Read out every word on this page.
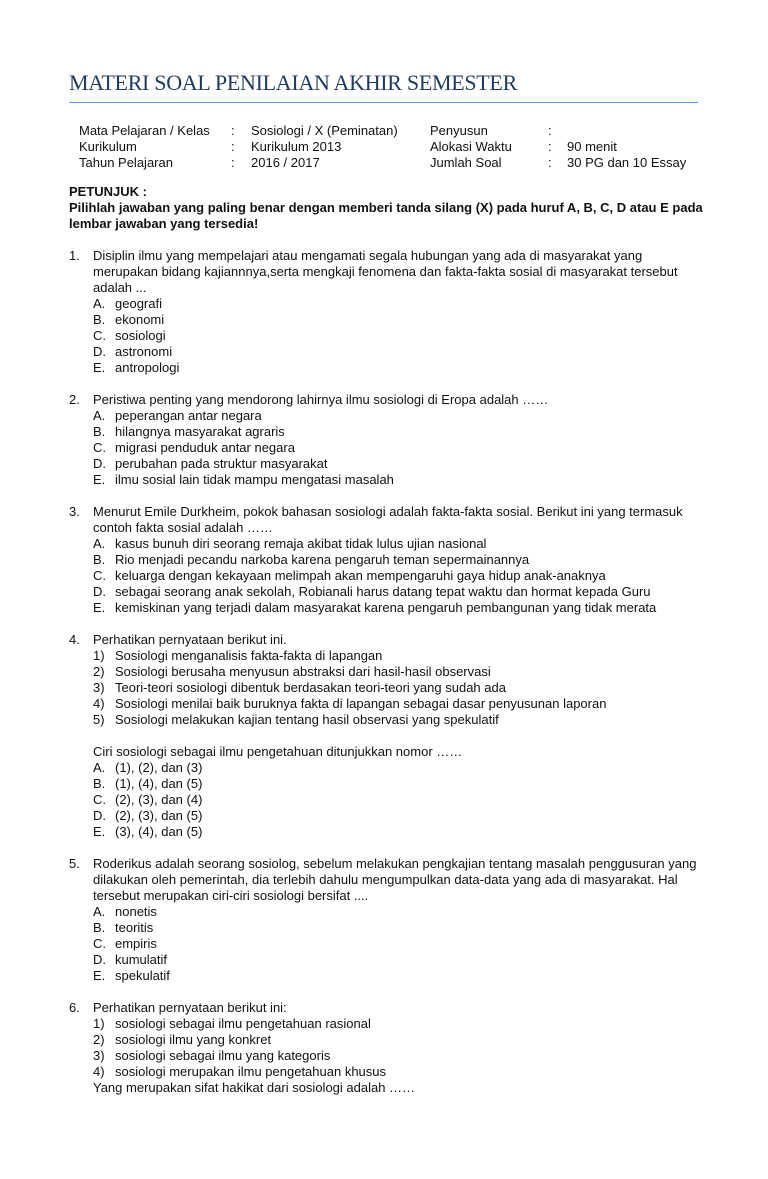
MATERI SOAL PENILAIAN AKHIR SEMESTER
Mata Pelajaran / Kelas	:	Sosiologi / X (Peminatan)	Penyusun	:	
Kurikulum	:	Kurikulum 2013	Alokasi Waktu	:	90 menit
Tahun Pelajaran	:	2016 / 2017	Jumlah Soal	:	30 PG dan 10 Essay

PETUNJUK :

Pilihlah jawaban yang paling benar dengan memberi tanda silang (X) pada huruf A, B, C, D atau E pada lembar jawaban yang tersedia!

1. Disiplin ilmu yang mempelajari atau mengamati segala hubungan yang ada di masyarakat yang merupakan bidang kajiannnya,serta mengkaji fenomena dan fakta-fakta sosial di masyarakat tersebut adalah ...
A. geografi
B. ekonomi
C. sosiologi
D. astronomi
E. antropologi
2. Peristiwa penting yang mendorong lahirnya ilmu sosiologi di Eropa adalah ……
A. peperangan antar negara
B. hilangnya masyarakat agraris
C. migrasi penduduk antar negara
D. perubahan pada struktur masyarakat
E. ilmu sosial lain tidak mampu mengatasi masalah
3. Menurut Emile Durkheim, pokok bahasan sosiologi adalah fakta-fakta sosial. Berikut ini yang termasuk contoh fakta sosial adalah ……
A. kasus bunuh diri seorang remaja akibat tidak lulus ujian nasional
B. Rio menjadi pecandu narkoba karena pengaruh teman sepermainannya
C. keluarga dengan kekayaan melimpah akan mempengaruhi gaya hidup anak-anaknya
D. sebagai seorang anak sekolah, Robianali harus datang tepat waktu dan hormat kepada Guru
E. kemiskinan yang terjadi dalam masyarakat karena pengaruh pembangunan yang tidak merata
4. Perhatikan pernyataan berikut ini.
1) Sosiologi menganalisis fakta-fakta di lapangan
2) Sosiologi berusaha menyusun abstraksi dari hasil-hasil observasi
3) Teori-teori sosiologi dibentuk berdasakan teori-teori yang sudah ada
4) Sosiologi menilai baik buruknya fakta di lapangan sebagai dasar penyusunan laporan
5) Sosiologi melakukan kajian tentang hasil observasi yang spekulatif
Ciri sosiologi sebagai ilmu pengetahuan ditunjukkan nomor ……
A. (1), (2), dan (3)
B. (1), (4), dan (5)
C. (2), (3), dan (4)
D. (2), (3), dan (5)
E. (3), (4), dan (5)
5. Roderikus adalah seorang sosiolog, sebelum melakukan pengkajian tentang masalah penggusuran yang dilakukan oleh pemerintah, dia terlebih dahulu mengumpulkan data-data yang ada di masyarakat. Hal tersebut merupakan ciri-ciri sosiologi bersifat ....
A. nonetis
B. teoritis
C. empiris
D. kumulatif
E. spekulatif
6. Perhatikan pernyataan berikut ini:
1) sosiologi sebagai ilmu pengetahuan rasional
2) sosiologi ilmu yang konkret
3) sosiologi sebagai ilmu yang kategoris
4) sosiologi merupakan ilmu pengetahuan khusus
Yang merupakan sifat hakikat dari sosiologi adalah ……
